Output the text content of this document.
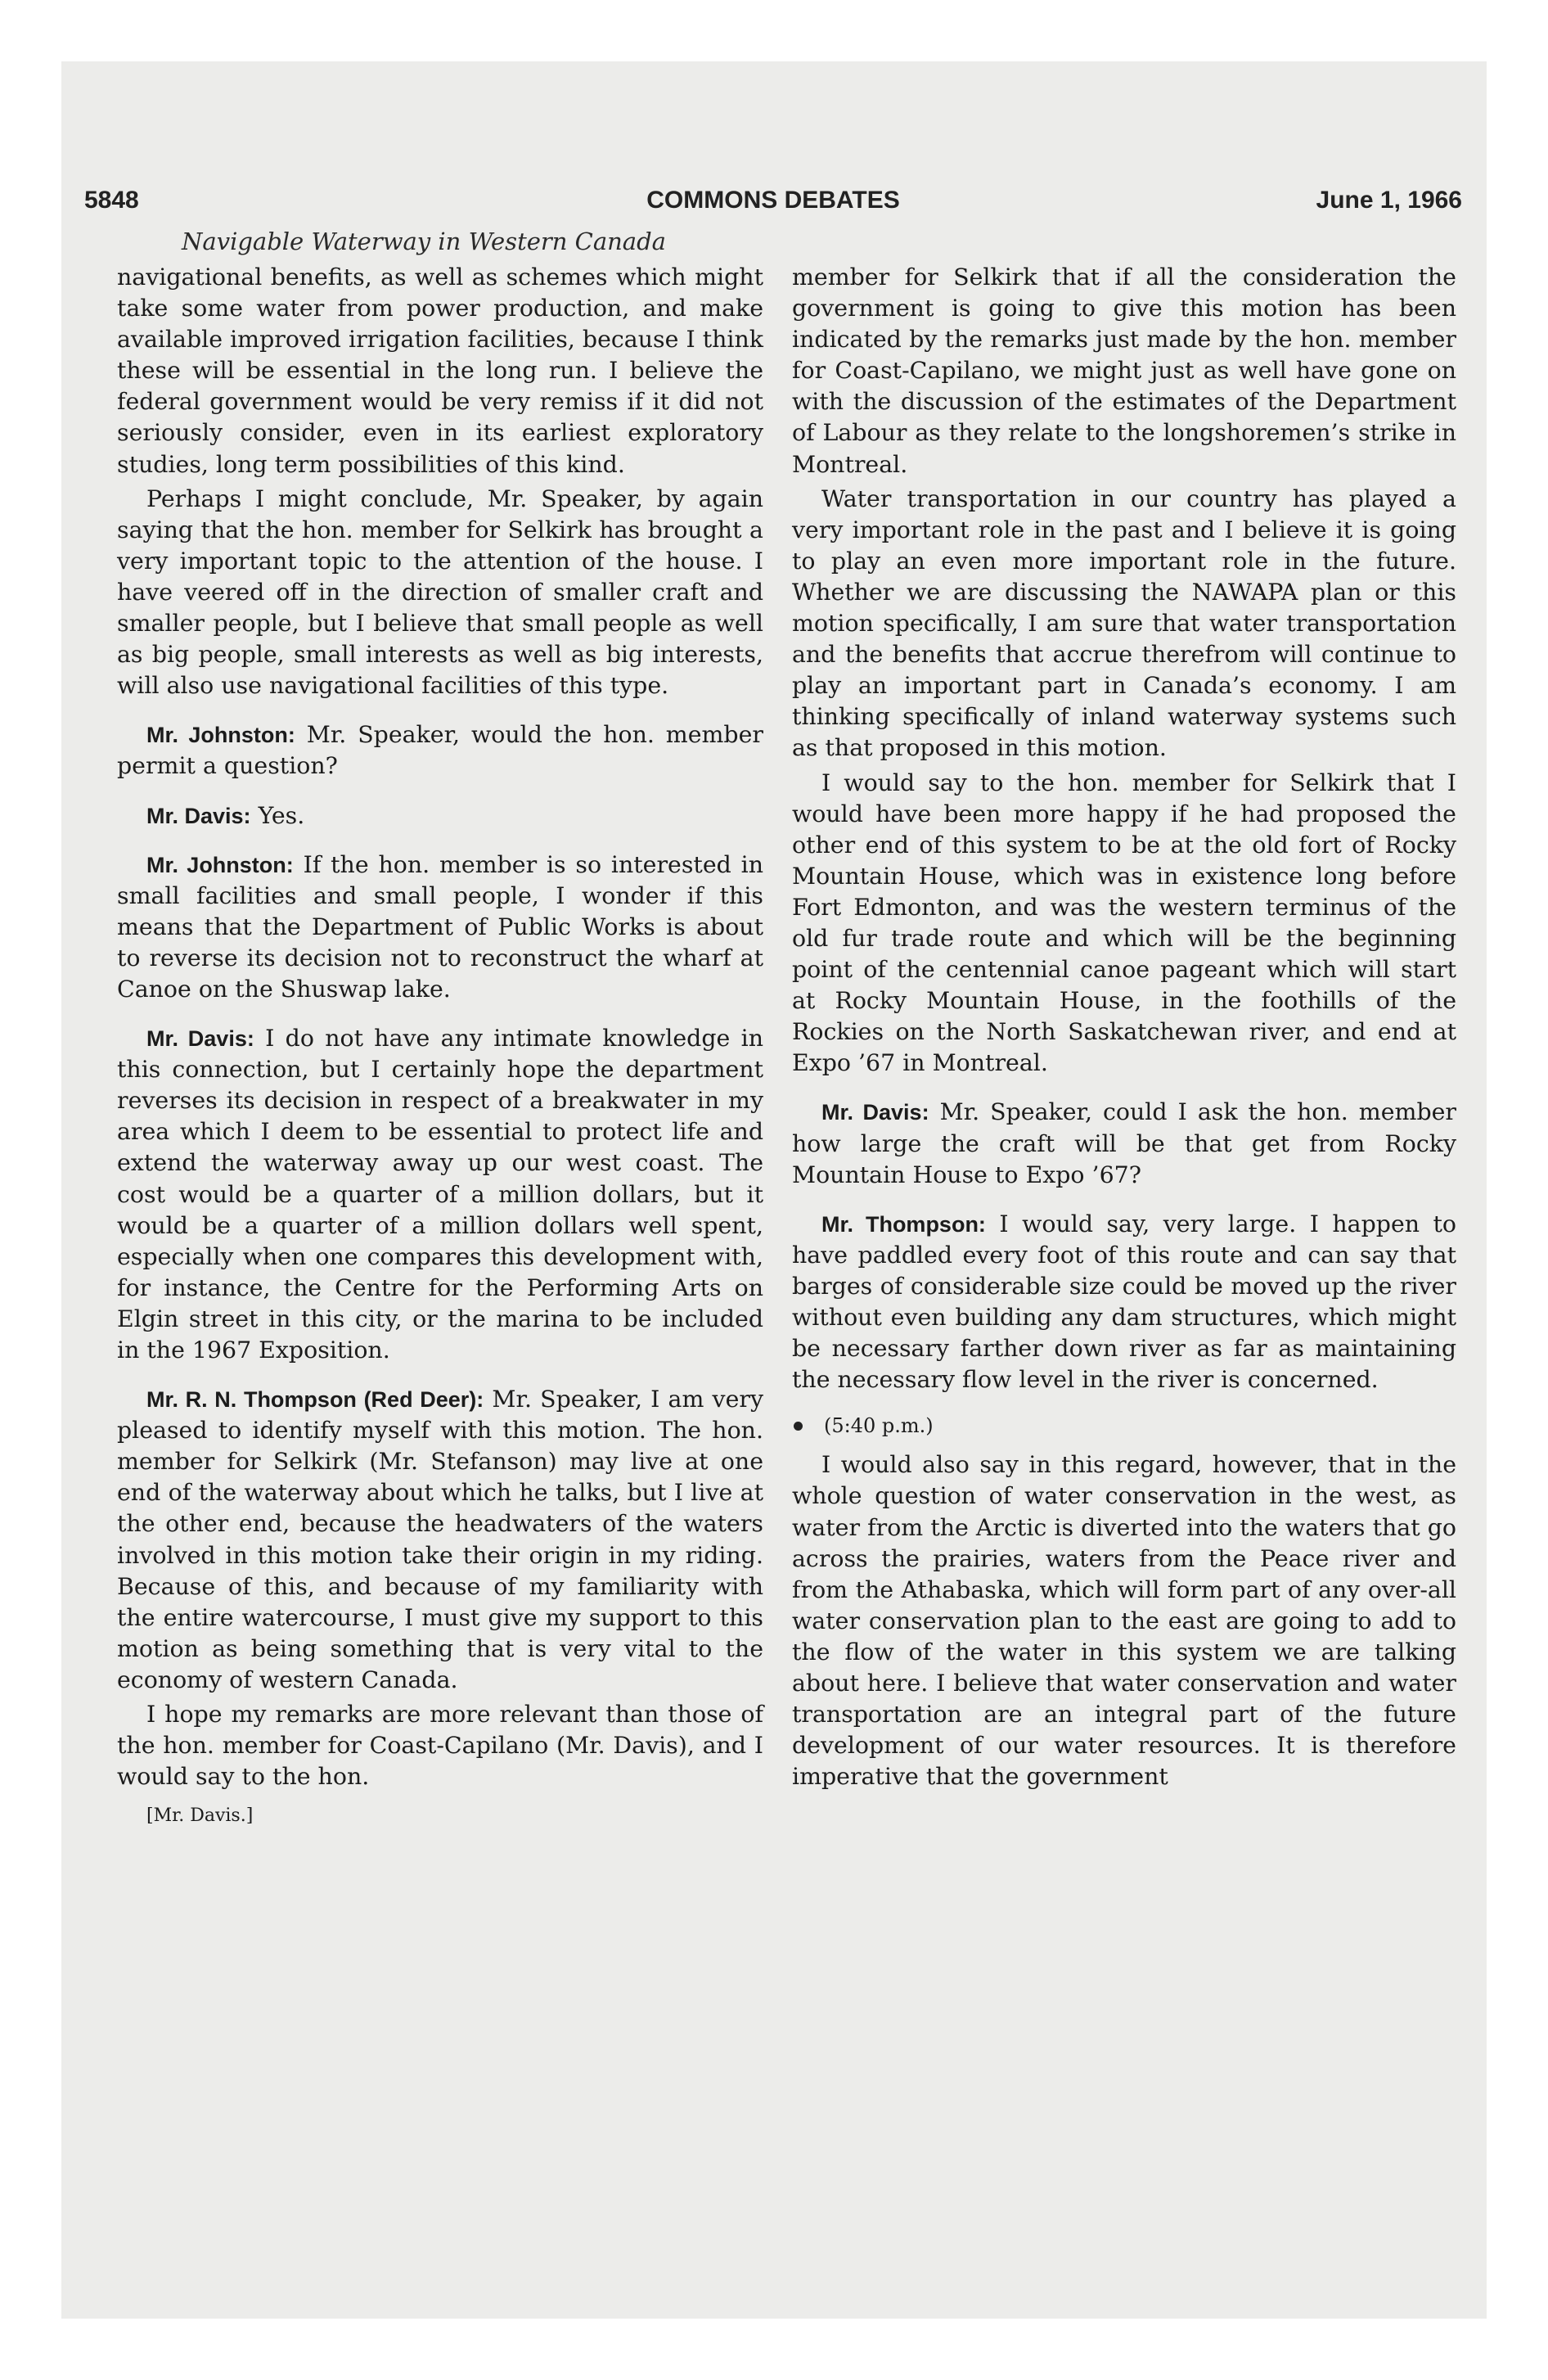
5848	COMMONS DEBATES	June 1, 1966
Navigable Waterway in Western Canada

navigational benefits, as well as schemes which might take some water from power production, and make available improved irrigation facilities, because I think these will be essential in the long run. I believe the federal government would be very remiss if it did not seriously consider, even in its earliest exploratory studies, long term possibilities of this kind.

Perhaps I might conclude, Mr. Speaker, by again saying that the hon. member for Selkirk has brought a very important topic to the attention of the house. I have veered off in the direction of smaller craft and smaller people, but I believe that small people as well as big people, small interests as well as big interests, will also use navigational facilities of this type.

Mr. Johnston: Mr. Speaker, would the hon. member permit a question?

Mr. Davis: Yes.

Mr. Johnston: If the hon. member is so interested in small facilities and small people, I wonder if this means that the Department of Public Works is about to reverse its decision not to reconstruct the wharf at Canoe on the Shuswap lake.

Mr. Davis: I do not have any intimate knowledge in this connection, but I certainly hope the department reverses its decision in respect of a breakwater in my area which I deem to be essential to protect life and extend the waterway away up our west coast. The cost would be a quarter of a million dollars, but it would be a quarter of a million dollars well spent, especially when one compares this development with, for instance, the Centre for the Performing Arts on Elgin street in this city, or the marina to be included in the 1967 Exposition.

Mr. R. N. Thompson (Red Deer): Mr. Speaker, I am very pleased to identify myself with this motion. The hon. member for Selkirk (Mr. Stefanson) may live at one end of the waterway about which he talks, but I live at the other end, because the headwaters of the waters involved in this motion take their origin in my riding. Because of this, and because of my familiarity with the entire watercourse, I must give my support to this motion as being something that is very vital to the economy of western Canada.

I hope my remarks are more relevant than those of the hon. member for Coast-Capilano (Mr. Davis), and I would say to the hon.

[Mr. Davis.]

member for Selkirk that if all the consideration the government is going to give this motion has been indicated by the remarks just made by the hon. member for Coast-Capilano, we might just as well have gone on with the discussion of the estimates of the Department of Labour as they relate to the longshoremen’s strike in Montreal.

Water transportation in our country has played a very important role in the past and I believe it is going to play an even more important role in the future. Whether we are discussing the NAWAPA plan or this motion specifically, I am sure that water transportation and the benefits that accrue therefrom will continue to play an important part in Canada’s economy. I am thinking specifically of inland waterway systems such as that proposed in this motion.

I would say to the hon. member for Selkirk that I would have been more happy if he had proposed the other end of this system to be at the old fort of Rocky Mountain House, which was in existence long before Fort Edmonton, and was the western terminus of the old fur trade route and which will be the beginning point of the centennial canoe pageant which will start at Rocky Mountain House, in the foothills of the Rockies on the North Saskatchewan river, and end at Expo ’67 in Montreal.

Mr. Davis: Mr. Speaker, could I ask the hon. member how large the craft will be that get from Rocky Mountain House to Expo ’67?

Mr. Thompson: I would say, very large. I happen to have paddled every foot of this route and can say that barges of considerable size could be moved up the river without even building any dam structures, which might be necessary farther down river as far as maintaining the necessary flow level in the river is concerned.

(5:40 p.m.)

I would also say in this regard, however, that in the whole question of water conservation in the west, as water from the Arctic is diverted into the waters that go across the prairies, waters from the Peace river and from the Athabaska, which will form part of any over-all water conservation plan to the east are going to add to the flow of the water in this system we are talking about here. I believe that water conservation and water transportation are an integral part of the future development of our water resources. It is therefore imperative that the government
